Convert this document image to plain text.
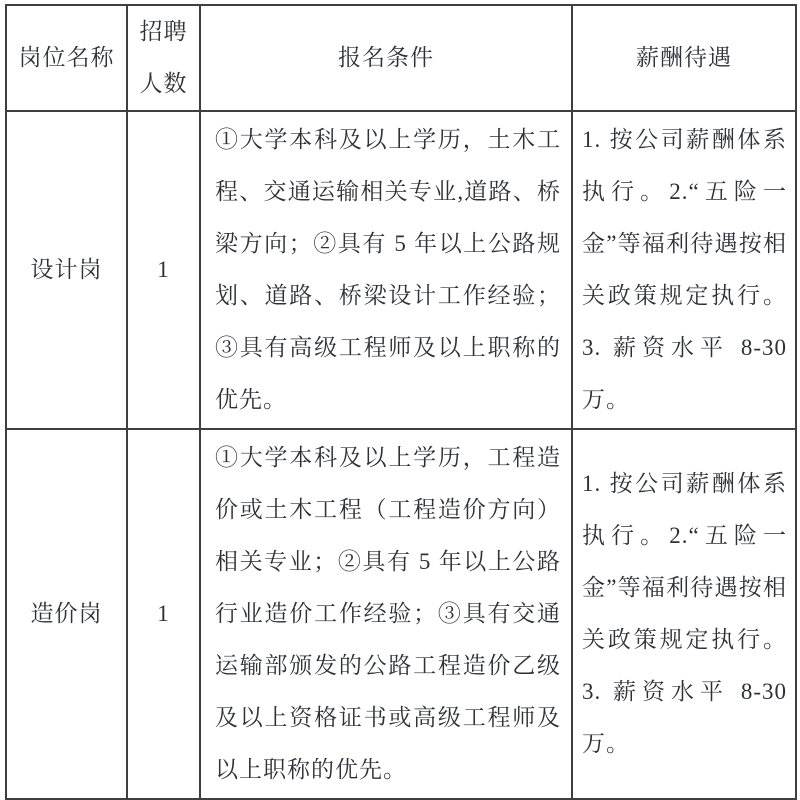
岗位名称	招聘人数	报名条件	薪酬待遇
设计岗	1	①大学本科及以上学历，土木工程、交通运输相关专业,道路、桥梁方向；②具有 5 年以上公路规划、道路、桥梁设计工作经验；③具有高级工程师及以上职称的优先。	1. 按公司薪酬体系执行。2.“五险一金”等福利待遇按相关政策规定执行。 3. 薪资水平 8-30 万。
造价岗	1	①大学本科及以上学历，工程造价或土木工程（工程造价方向）相关专业；②具有 5 年以上公路行业造价工作经验；③具有交通运输部颁发的公路工程造价乙级及以上资格证书或高级工程师及以上职称的优先。	1. 按公司薪酬体系执行。2.“五险一金”等福利待遇按相关政策规定执行。 3. 薪资水平 8-30 万。
